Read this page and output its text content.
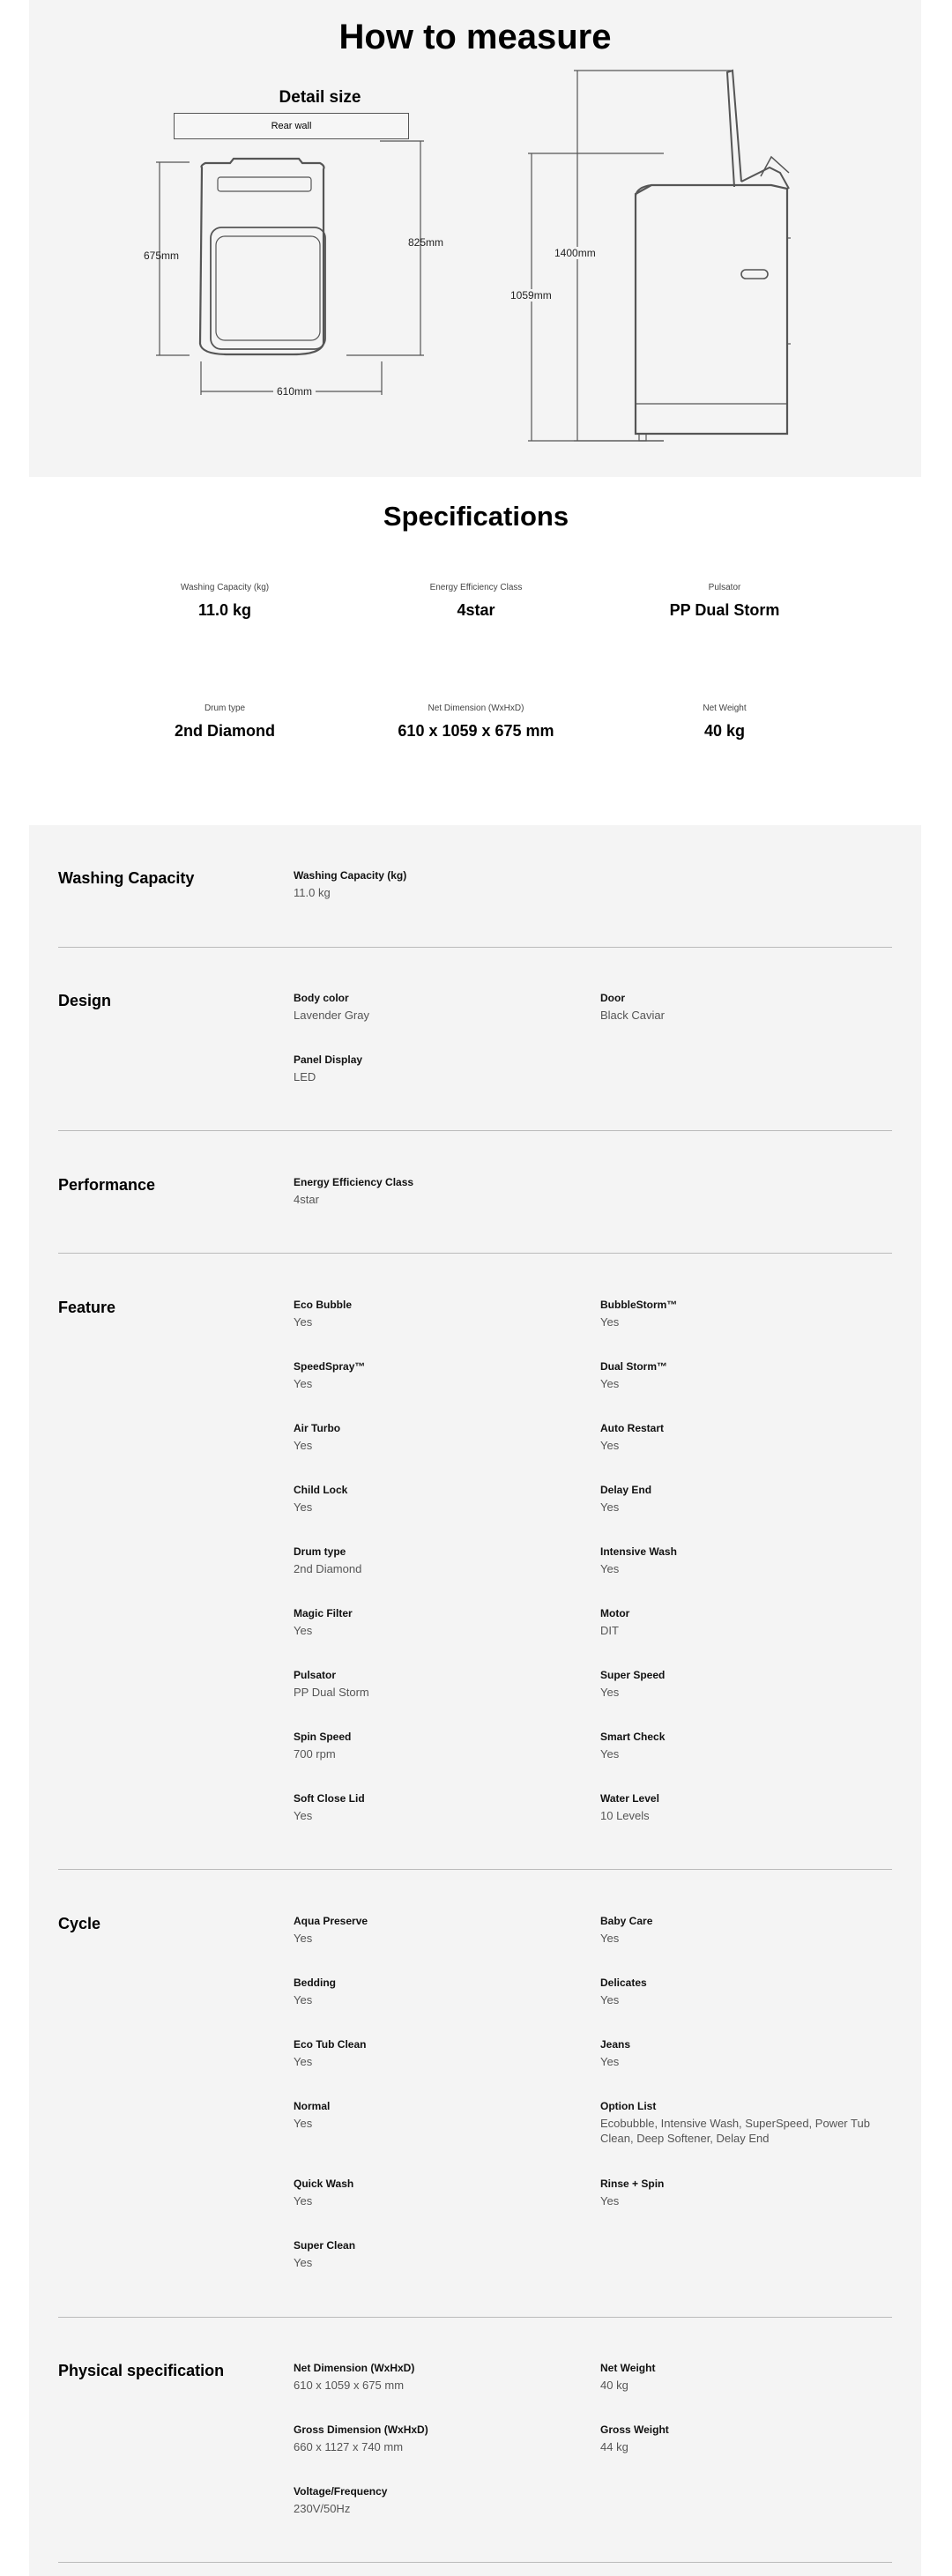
How to measure
Detail size
Rear wall
675mm
825mm
610mm
1400mm
1059mm
Specifications
Washing Capacity (kg)
11.0 kg
Energy Efficiency Class
4star
Pulsator
PP Dual Storm
Drum type
2nd Diamond
Net Dimension (WxHxD)
610 x 1059 x 675 mm
Net Weight
40 kg
Washing Capacity	Washing Capacity (kg)
11.0 kg
Design	Body color
Lavender Gray
Door
Black Caviar
Panel Display
LED
Performance	Energy Efficiency Class
4star
Feature	Eco Bubble
Yes
BubbleStorm™
Yes
SpeedSpray™
Yes
Dual Storm™
Yes
Air Turbo
Yes
Auto Restart
Yes
Child Lock
Yes
Delay End
Yes
Drum type
2nd Diamond
Intensive Wash
Yes
Magic Filter
Yes
Motor
DIT
Pulsator
PP Dual Storm
Super Speed
Yes
Spin Speed
700 rpm
Smart Check
Yes
Soft Close Lid
Yes
Water Level
10 Levels
Cycle	Aqua Preserve
Yes
Baby Care
Yes
Bedding
Yes
Delicates
Yes
Eco Tub Clean
Yes
Jeans
Yes
Normal
Yes
Option List
Ecobubble, Intensive Wash, SuperSpeed, Power Tub Clean, Deep Softener, Delay End
Quick Wash
Yes
Rinse + Spin
Yes
Super Clean
Yes
Physical specification	Net Dimension (WxHxD)
610 x 1059 x 675 mm
Net Weight
40 kg
Gross Dimension (WxHxD)
660 x 1127 x 740 mm
Gross Weight
44 kg
Voltage/Frequency
230V/50Hz
